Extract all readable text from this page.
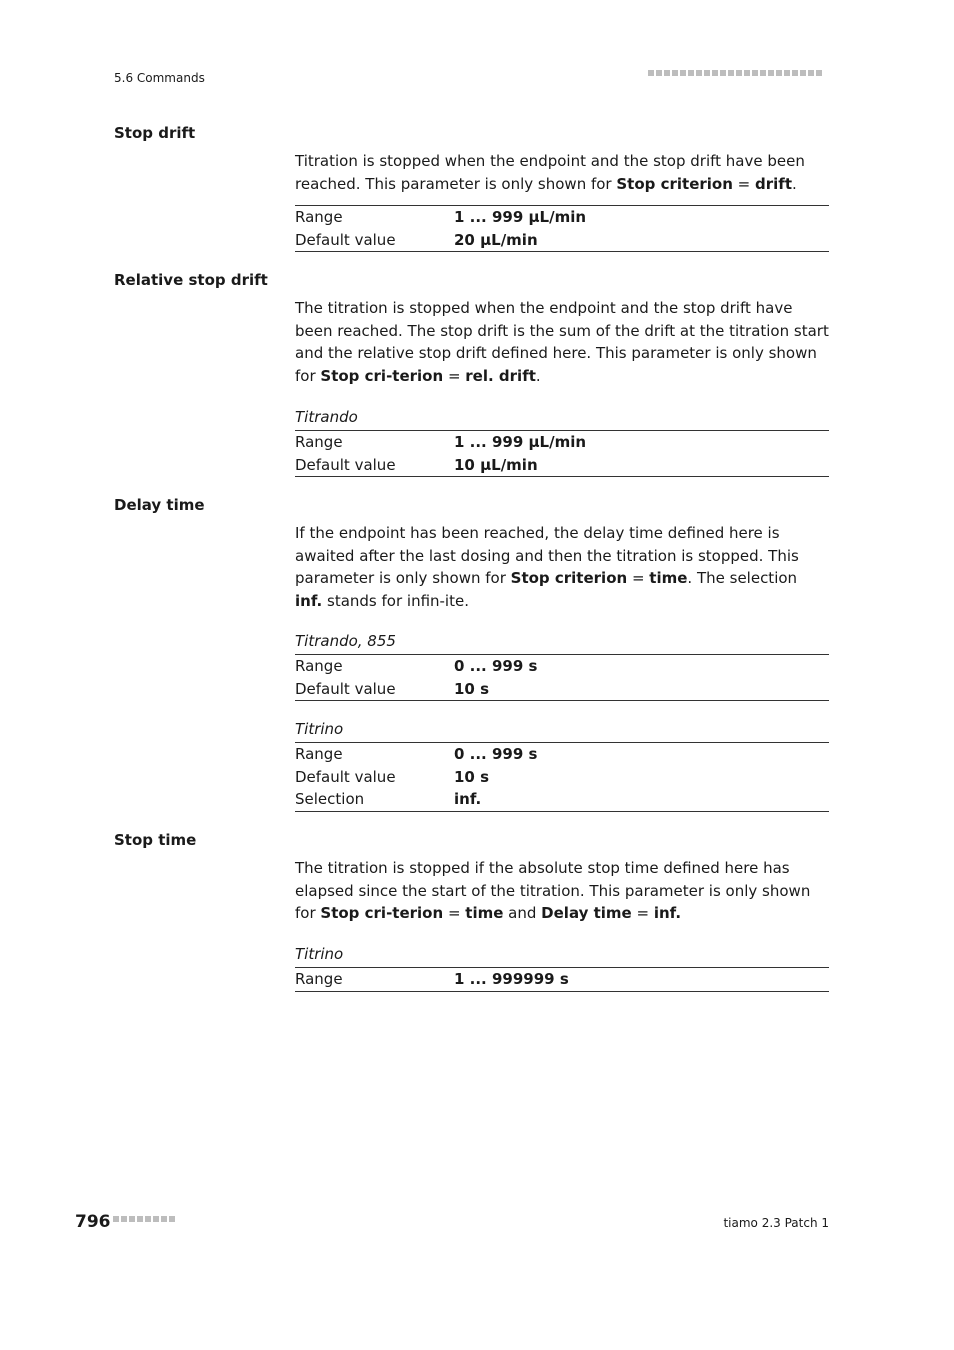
5.6 Commands
Stop drift
Titration is stopped when the endpoint and the stop drift have been reached. This parameter is only shown for Stop criterion = drift.
Range	1 ... 999 µL/min
Default value	20 µL/min
Relative stop drift
The titration is stopped when the endpoint and the stop drift have been reached. The stop drift is the sum of the drift at the titration start and the relative stop drift defined here. This parameter is only shown for Stop cri-terion = rel. drift.
Titrando
Range	1 ... 999 µL/min
Default value	10 µL/min
Delay time
If the endpoint has been reached, the delay time defined here is awaited after the last dosing and then the titration is stopped. This parameter is only shown for Stop criterion = time. The selection inf. stands for infin-ite.
Titrando, 855
Range	0 ... 999 s
Default value	10 s
Titrino
Range	0 ... 999 s
Default value	10 s
Selection	inf.
Stop time
The titration is stopped if the absolute stop time defined here has elapsed since the start of the titration. This parameter is only shown for Stop cri-terion = time and Delay time = inf.
Titrino
Range	1 ... 999999 s
796	tiamo 2.3 Patch 1
